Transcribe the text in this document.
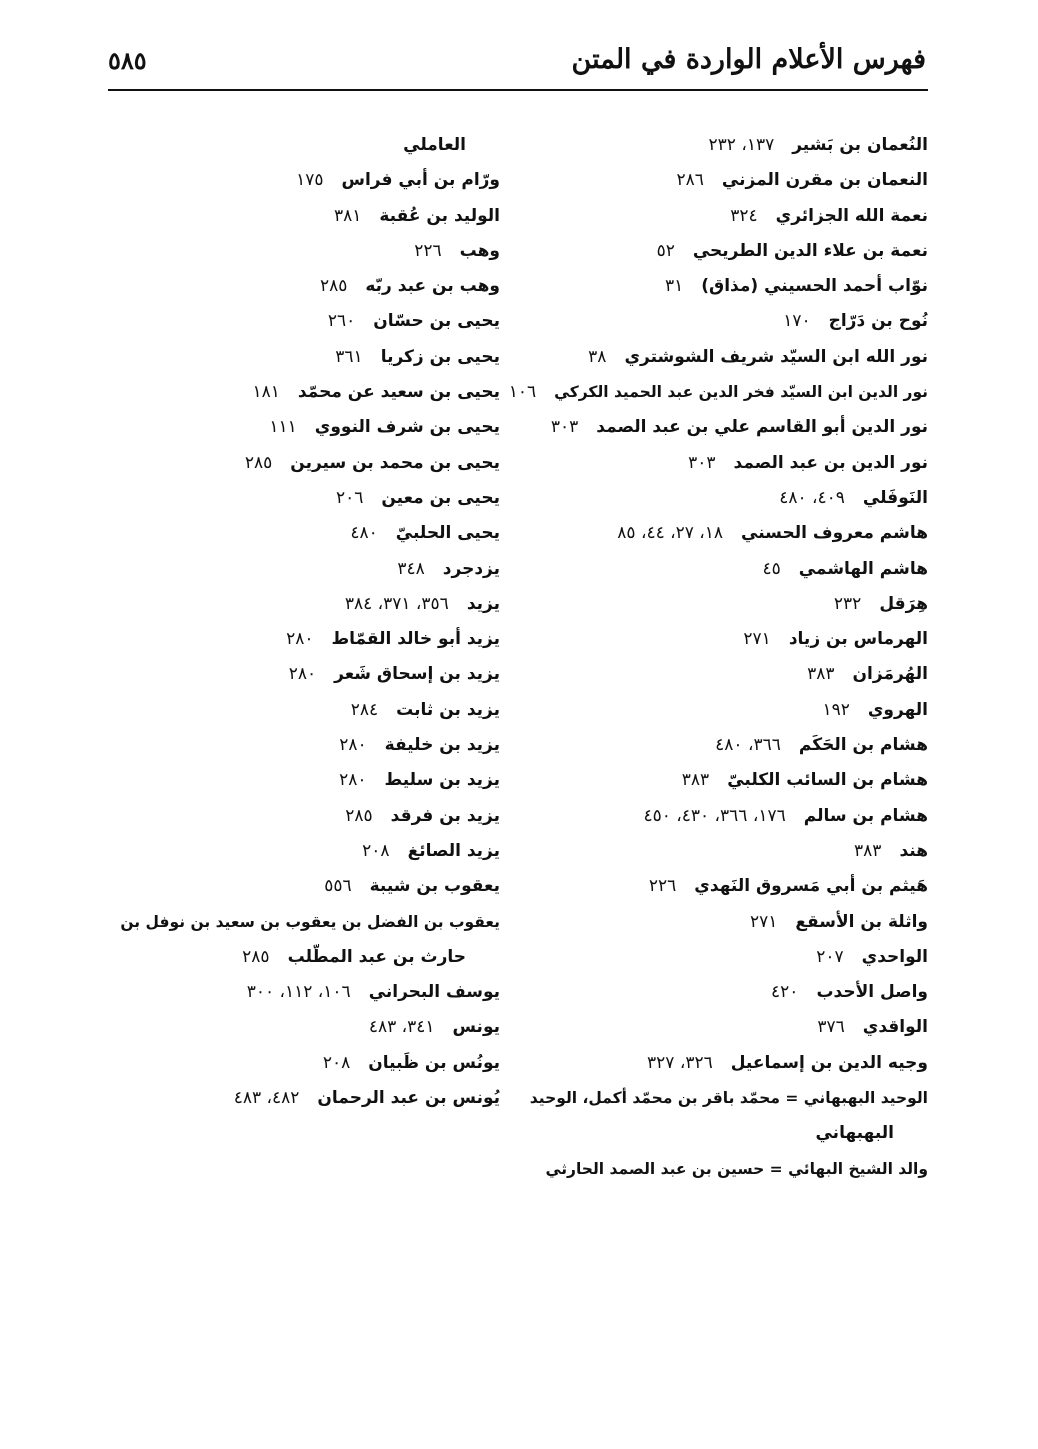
فهرس الأعلام الواردة في المتن
٥٨٥
النُعمان بن بَشير١٣٧، ٢٣٢
النعمان بن مقرن المزني٢٨٦
نعمة الله الجزائري٣٢٤
نعمة بن علاء الدين الطريحي٥٢
نوّاب أحمد الحسيني (مذاق)٣١
نُوح بن دَرّاج١٧٠
نور الله ابن السيّد شريف الشوشتري٣٨
نور الدين ابن السيّد فخر الدين عبد الحميد الكركي١٠٦
نور الدين أبو القاسم علي بن عبد الصمد٣٠٣
نور الدين بن عبد الصمد٣٠٣
النَوفَلي٤٠٩، ٤٨٠
هاشم معروف الحسني١٨، ٢٧، ٤٤، ٨٥
هاشم الهاشمي٤٥
هِرَقل٢٣٢
الهرماس بن زياد٢٧١
الهُرمَزان٣٨٣
الهروي١٩٢
هشام بن الحَكَم٣٦٦، ٤٨٠
هشام بن السائب الكلبيّ٣٨٣
هشام بن سالم١٧٦، ٣٦٦، ٤٣٠، ٤٥٠
هند٣٨٣
هَيثم بن أبي مَسروق النَهدي٢٢٦
واثلة بن الأسقع٢٧١
الواحدي٢٠٧
واصل الأحدب٤٢٠
الواقدي٣٧٦
وجيه الدين بن إسماعيل٣٢٦، ٣٢٧
الوحيد البهبهاني = محمّد باقر بن محمّد أكمل، الوحيد
البهبهاني
والد الشيخ البهائي = حسين بن عبد الصمد الحارثي
العاملي
ورّام بن أبي فراس١٧٥
الوليد بن عُقبة٣٨١
وهب٢٢٦
وهب بن عبد ربّه٢٨٥
يحيى بن حسّان٢٦٠
يحيى بن زكريا٣٦١
يحيى بن سعيد عن محمّد١٨١
يحيى بن شرف النووي١١١
يحيى بن محمد بن سيرين٢٨٥
يحيى بن معين٢٠٦
يحيى الحلبيّ٤٨٠
يزدجرد٣٤٨
يزيد٣٥٦، ٣٧١، ٣٨٤
يزيد أبو خالد القمّاط٢٨٠
يزيد بن إسحاق شَعر٢٨٠
يزيد بن ثابت٢٨٤
يزيد بن خليفة٢٨٠
يزيد بن سليط٢٨٠
يزيد بن فرقد٢٨٥
يزيد الصائغ٢٠٨
يعقوب بن شيبة٥٥٦
يعقوب بن الفضل بن يعقوب بن سعيد بن نوفل بن
حارث بن عبد المطّلب٢٨٥
يوسف البحراني١٠٦، ١١٢، ٣٠٠
يونس٣٤١، ٤٨٣
يونُس بن ظَبيان٢٠٨
يُونس بن عبد الرحمان٤٨٢، ٤٨٣
